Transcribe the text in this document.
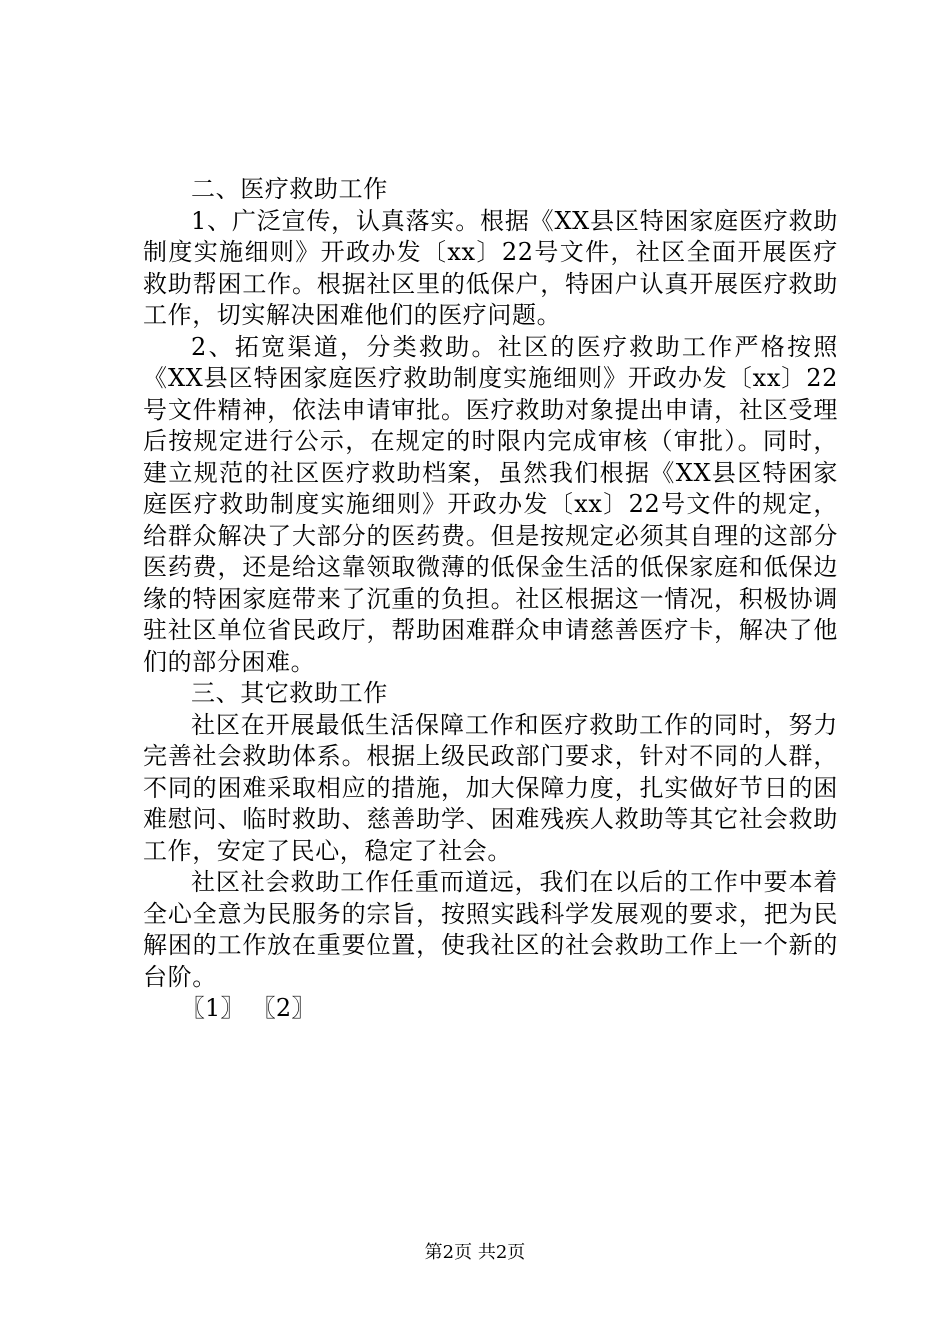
二、医疗救助工作

1、广泛宣传，认真落实。根据《XX县区特困家庭医疗救助制度实施细则》开政办发〔xx〕22号文件，社区全面开展医疗救助帮困工作。根据社区里的低保户，特困户认真开展医疗救助工作，切实解决困难他们的医疗问题。

2、拓宽渠道，分类救助。社区的医疗救助工作严格按照《XX县区特困家庭医疗救助制度实施细则》开政办发〔xx〕22号文件精神，依法申请审批。医疗救助对象提出申请，社区受理后按规定进行公示，在规定的时限内完成审核（审批）。同时，建立规范的社区医疗救助档案，虽然我们根据《XX县区特困家庭医疗救助制度实施细则》开政办发〔xx〕22号文件的规定，给群众解决了大部分的医药费。但是按规定必须其自理的这部分医药费，还是给这靠领取微薄的低保金生活的低保家庭和低保边缘的特困家庭带来了沉重的负担。社区根据这一情况，积极协调驻社区单位省民政厅，帮助困难群众申请慈善医疗卡，解决了他们的部分困难。

三、其它救助工作

社区在开展最低生活保障工作和医疗救助工作的同时，努力完善社会救助体系。根据上级民政部门要求，针对不同的人群，不同的困难采取相应的措施，加大保障力度，扎实做好节日的困难慰问、临时救助、慈善助学、困难残疾人救助等其它社会救助工作，安定了民心，稳定了社会。

社区社会救助工作任重而道远，我们在以后的工作中要本着全心全意为民服务的宗旨，按照实践科学发展观的要求，把为民解困的工作放在重要位置，使我社区的社会救助工作上一个新的台阶。

〖1〗 〖2〗

第2页 共2页
